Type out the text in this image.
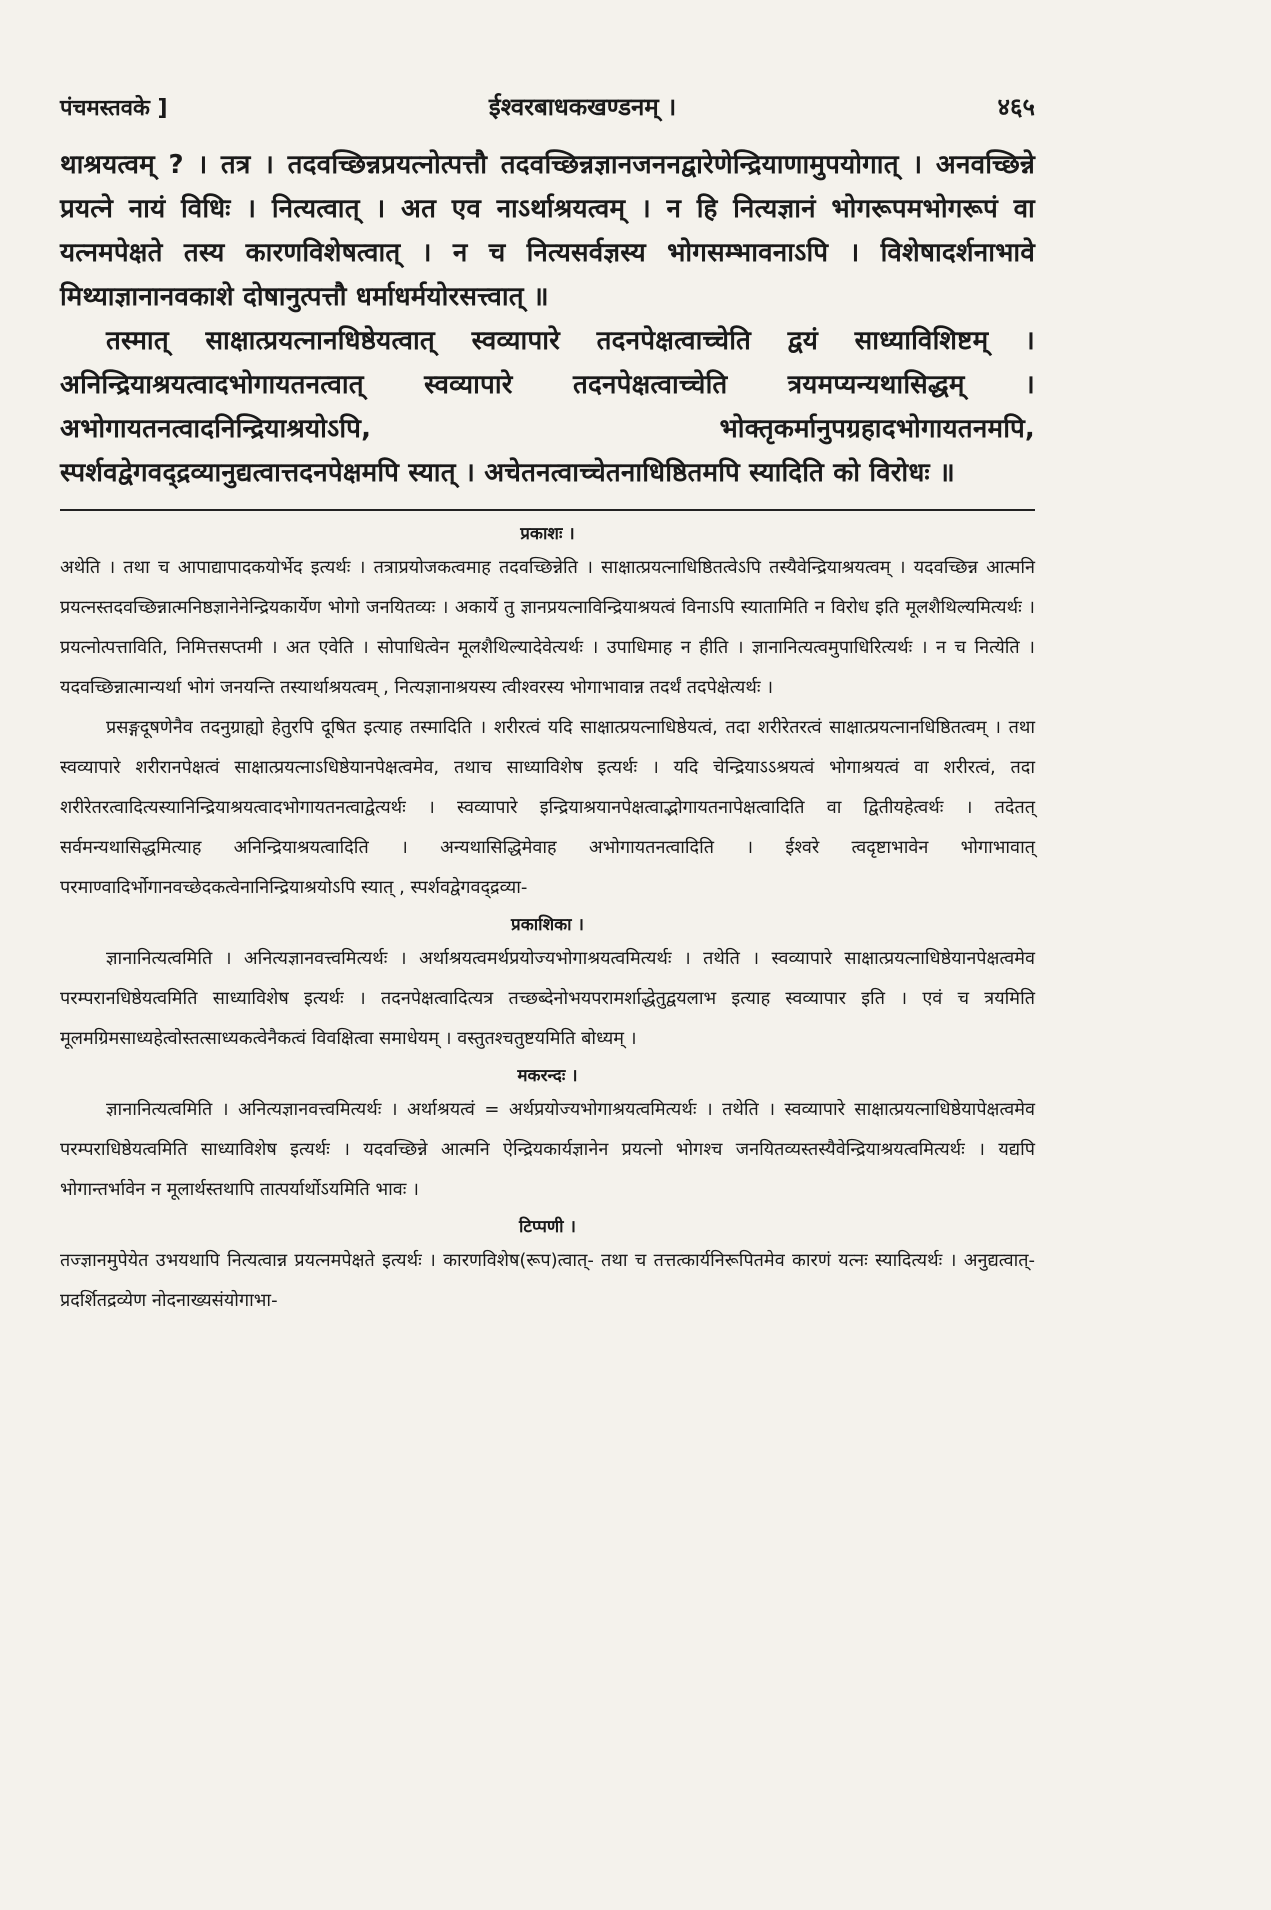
पंचमस्तवके ]	ईश्वरबाधकखण्डनम् ।	४६५

थाश्रयत्वम् ? । तत्र । तदवच्छिन्नप्रयत्नोत्पत्तौ तदवच्छिन्नज्ञानजननद्वारेणेन्द्रियाणामुपयोगात् । अनवच्छिन्ने प्रयत्ने नायं विधिः । नित्यत्वात् । अत एव नाऽर्थाश्रयत्वम् । न हि नित्यज्ञानं भोगरूपमभोगरूपं वा यत्नमपेक्षते तस्य कारणविशेषत्वात् । न च नित्यसर्वज्ञस्य भोगसम्भावनाऽपि । विशेषादर्शनाभावे मिथ्याज्ञानानवकाशे दोषानुत्पत्तौ धर्माधर्मयोरसत्त्वात् ॥

तस्मात् साक्षात्प्रयत्नानधिष्ठेयत्वात् स्वव्यापारे तदनपेक्षत्वाच्चेति द्वयं साध्याविशिष्टम् । अनिन्द्रियाश्रयत्वादभोगायतनत्वात् स्वव्यापारे तदनपेक्षत्वाच्चेति त्रयमप्यन्यथासिद्धम् । अभोगायतनत्वादनिन्द्रियाश्रयोऽपि, भोक्तृकर्मानुपग्रहादभोगायतनमपि, स्पर्शवद्वेगवद्द्रव्यानुद्यत्वात्तदनपेक्षमपि स्यात् । अचेतनत्वाच्चेतनाधिष्ठितमपि स्यादिति को विरोधः ॥

प्रकाशः ।

अथेति । तथा च आपाद्यापादकयोर्भेद इत्यर्थः । तत्राप्रयोजकत्वमाह तदवच्छिन्नेति । साक्षात्प्रयत्नाधिष्ठितत्वेऽपि तस्यैवेन्द्रियाश्रयत्वम् । यदवच्छिन्न आत्मनि प्रयत्नस्तदवच्छिन्नात्मनिष्ठज्ञानेनेन्द्रियकार्येण भोगो जनयितव्यः । अकार्ये तु ज्ञानप्रयत्नाविन्द्रियाश्रयत्वं विनाऽपि स्यातामिति न विरोध इति मूलशैथिल्यमित्यर्थः । प्रयत्नोत्पत्ताविति, निमित्तसप्तमी । अत एवेति । सोपाधित्वेन मूलशैथिल्यादेवेत्यर्थः । उपाधिमाह न हीति । ज्ञानानित्यत्वमुपाधिरित्यर्थः । न च नित्येति । यदवच्छिन्नात्मान्यर्था भोगं जनयन्ति तस्यार्थाश्रयत्वम् , नित्यज्ञानाश्रयस्य त्वीश्वरस्य भोगाभावान्न तदर्थं तदपेक्षेत्यर्थः ।

प्रसङ्गदूषणेनैव तदनुग्राह्यो हेतुरपि दूषित इत्याह तस्मादिति । शरीरत्वं यदि साक्षात्प्रयत्नाधिष्ठेयत्वं, तदा शरीरेतरत्वं साक्षात्प्रयत्नानधिष्ठितत्वम् । तथा स्वव्यापारे शरीरानपेक्षत्वं साक्षात्प्रयत्नाऽधिष्ठेयानपेक्षत्वमेव, तथाच साध्याविशेष इत्यर्थः । यदि चेन्द्रियाऽऽश्रयत्वं भोगाश्रयत्वं वा शरीरत्वं, तदा शरीरेतरत्वादित्यस्यानिन्द्रियाश्रयत्वादभोगायतनत्वाद्वेत्यर्थः । स्वव्यापारे इन्द्रियाश्रयानपेक्षत्वाद्भोगायतनापेक्षत्वादिति वा द्वितीयहेत्वर्थः । तदेतत् सर्वमन्यथासिद्धमित्याह अनिन्द्रियाश्रयत्वादिति । अन्यथासिद्धिमेवाह अभोगायतनत्वादिति । ईश्वरे त्वदृष्टाभावेन भोगाभावात् परमाण्वादिर्भोगानवच्छेदकत्वेनानिन्द्रियाश्रयोऽपि स्यात् , स्पर्शवद्वेगवद्द्रव्या-

प्रकाशिका ।

ज्ञानानित्यत्वमिति । अनित्यज्ञानवत्त्वमित्यर्थः । अर्थाश्रयत्वमर्थप्रयोज्यभोगाश्रयत्वमित्यर्थः । तथेति । स्वव्यापारे साक्षात्प्रयत्नाधिष्ठेयानपेक्षत्वमेव परम्परानधिष्ठेयत्वमिति साध्याविशेष इत्यर्थः । तदनपेक्षत्वादित्यत्र तच्छब्देनोभयपरामर्शाद्धेतुद्वयलाभ इत्याह स्वव्यापार इति । एवं च त्रयमिति मूलमग्रिमसाध्यहेत्वोस्तत्साध्यकत्वेनैकत्वं विवक्षित्वा समाधेयम् । वस्तुतश्चतुष्टयमिति बोध्यम् ।

मकरन्दः ।

ज्ञानानित्यत्वमिति । अनित्यज्ञानवत्त्वमित्यर्थः । अर्थाश्रयत्वं = अर्थप्रयोज्यभोगाश्रयत्वमित्यर्थः । तथेति । स्वव्यापारे साक्षात्प्रयत्नाधिष्ठेयापेक्षत्वमेव परम्पराधिष्ठेयत्वमिति साध्याविशेष इत्यर्थः । यदवच्छिन्ने आत्मनि ऐन्द्रियकार्यज्ञानेन प्रयत्नो भोगश्च जनयितव्यस्तस्यैवेन्द्रियाश्रयत्वमित्यर्थः । यद्यपि भोगान्तर्भावेन न मूलार्थस्तथापि तात्पर्यार्थोऽयमिति भावः ।

टिप्पणी ।

तज्ज्ञानमुपेयेत उभयथापि नित्यत्वान्न प्रयत्नमपेक्षते इत्यर्थः । कारणविशेष(रूप)त्वात्- तथा च तत्तत्कार्यनिरूपितमेव कारणं यत्नः स्यादित्यर्थः । अनुद्यत्वात्- प्रदर्शितद्रव्येण नोदनाख्यसंयोगाभा-
